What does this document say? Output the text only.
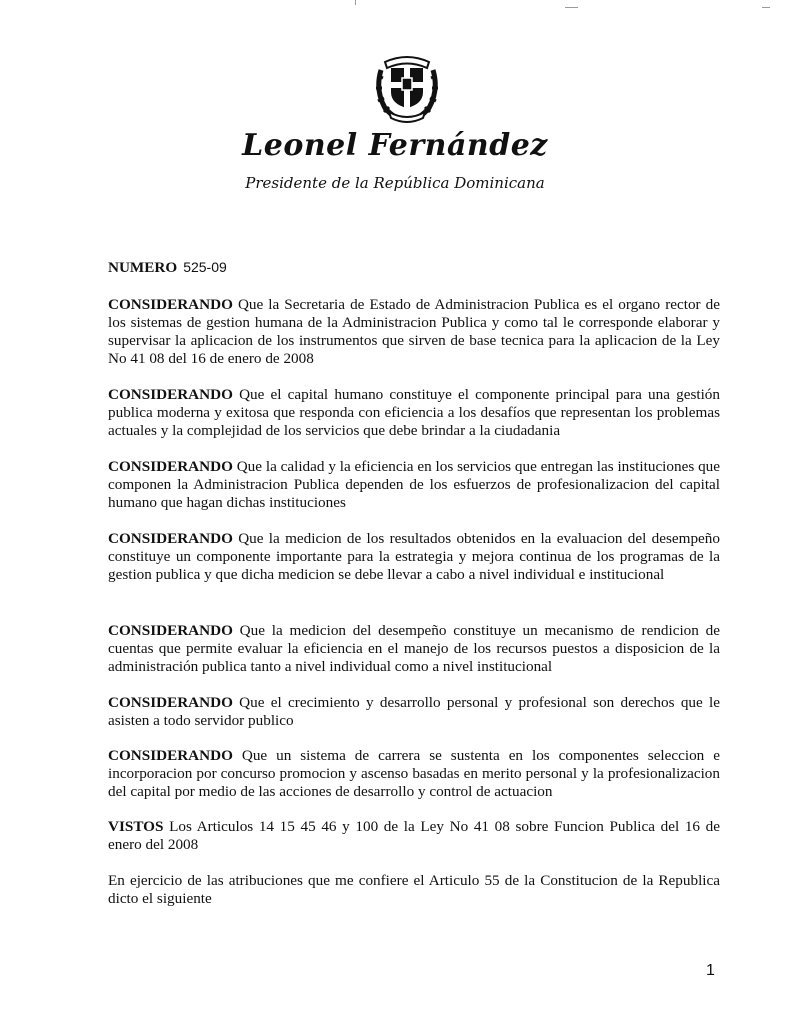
Leonel Fernández
Presidente de la República Dominicana
NUMERO 525-09

CONSIDERANDO Que la Secretaria de Estado de Administracion Publica es el organo rector de los sistemas de gestion humana de la Administracion Publica y como tal le corresponde elaborar y supervisar la aplicacion de los instrumentos que sirven de base tecnica para la aplicacion de la Ley No 41 08 del 16 de enero de 2008

CONSIDERANDO Que el capital humano constituye el componente principal para una gestión publica moderna y exitosa que responda con eficiencia a los desafíos que representan los problemas actuales y la complejidad de los servicios que debe brindar a la ciudadania

CONSIDERANDO Que la calidad y la eficiencia en los servicios que entregan las instituciones que componen la Administracion Publica dependen de los esfuerzos de profesionalizacion del capital humano que hagan dichas instituciones

CONSIDERANDO Que la medicion de los resultados obtenidos en la evaluacion del desempeño constituye un componente importante para la estrategia y mejora continua de los programas de la gestion publica y que dicha medicion se debe llevar a cabo a nivel individual e institucional

CONSIDERANDO Que la medicion del desempeño constituye un mecanismo de rendicion de cuentas que permite evaluar la eficiencia en el manejo de los recursos puestos a disposicion de la administración publica tanto a nivel individual como a nivel institucional

CONSIDERANDO Que el crecimiento y desarrollo personal y profesional son derechos que le asisten a todo servidor publico

CONSIDERANDO Que un sistema de carrera se sustenta en los componentes seleccion e incorporacion por concurso promocion y ascenso basadas en merito personal y la profesionalizacion del capital por medio de las acciones de desarrollo y control de actuacion

VISTOS Los Articulos 14 15 45 46 y 100 de la Ley No 41 08 sobre Funcion Publica del 16 de enero del 2008

En ejercicio de las atribuciones que me confiere el Articulo 55 de la Constitucion de la Republica dicto el siguiente

1
